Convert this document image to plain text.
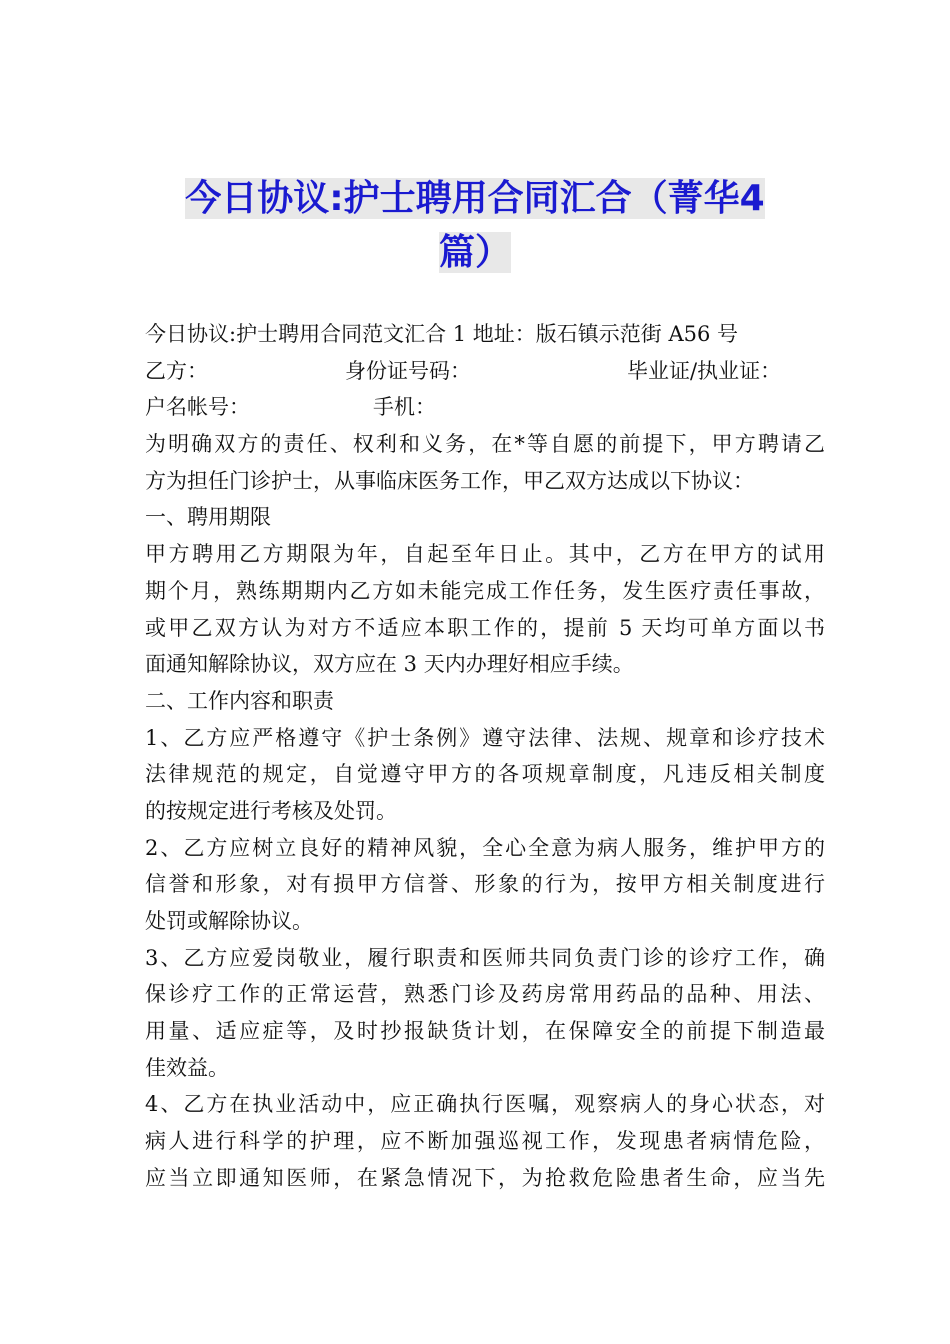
今日协议:护士聘用合同汇合（菁华4
篇）
今日协议:护士聘用合同范文汇合 1 地址：版石镇示范街 A56 号
乙方：	身份证号码：	毕业证/执业证：
户名帐号：	手机：
为明确双方的责任、权利和义务，在*等自愿的前提下，甲方聘请乙
方为担任门诊护士，从事临床医务工作，甲乙双方达成以下协议：
一、聘用期限
甲方聘用乙方期限为年，自起至年日止。其中，乙方在甲方的试用
期个月，熟练期期内乙方如未能完成工作任务，发生医疗责任事故，
或甲乙双方认为对方不适应本职工作的，提前 5 天均可单方面以书
面通知解除协议，双方应在 3 天内办理好相应手续。
二、工作内容和职责
1、乙方应严格遵守《护士条例》遵守法律、法规、规章和诊疗技术
法律规范的规定，自觉遵守甲方的各项规章制度，凡违反相关制度
的按规定进行考核及处罚。
2、乙方应树立良好的精神风貌，全心全意为病人服务，维护甲方的
信誉和形象，对有损甲方信誉、形象的行为，按甲方相关制度进行
处罚或解除协议。
3、乙方应爱岗敬业，履行职责和医师共同负责门诊的诊疗工作，确
保诊疗工作的正常运营，熟悉门诊及药房常用药品的品种、用法、
用量、适应症等，及时抄报缺货计划，在保障安全的前提下制造最
佳效益。
4、乙方在执业活动中，应正确执行医嘱，观察病人的身心状态，对
病人进行科学的护理，应不断加强巡视工作，发现患者病情危险，
应当立即通知医师，在紧急情况下，为抢救危险患者生命，应当先
